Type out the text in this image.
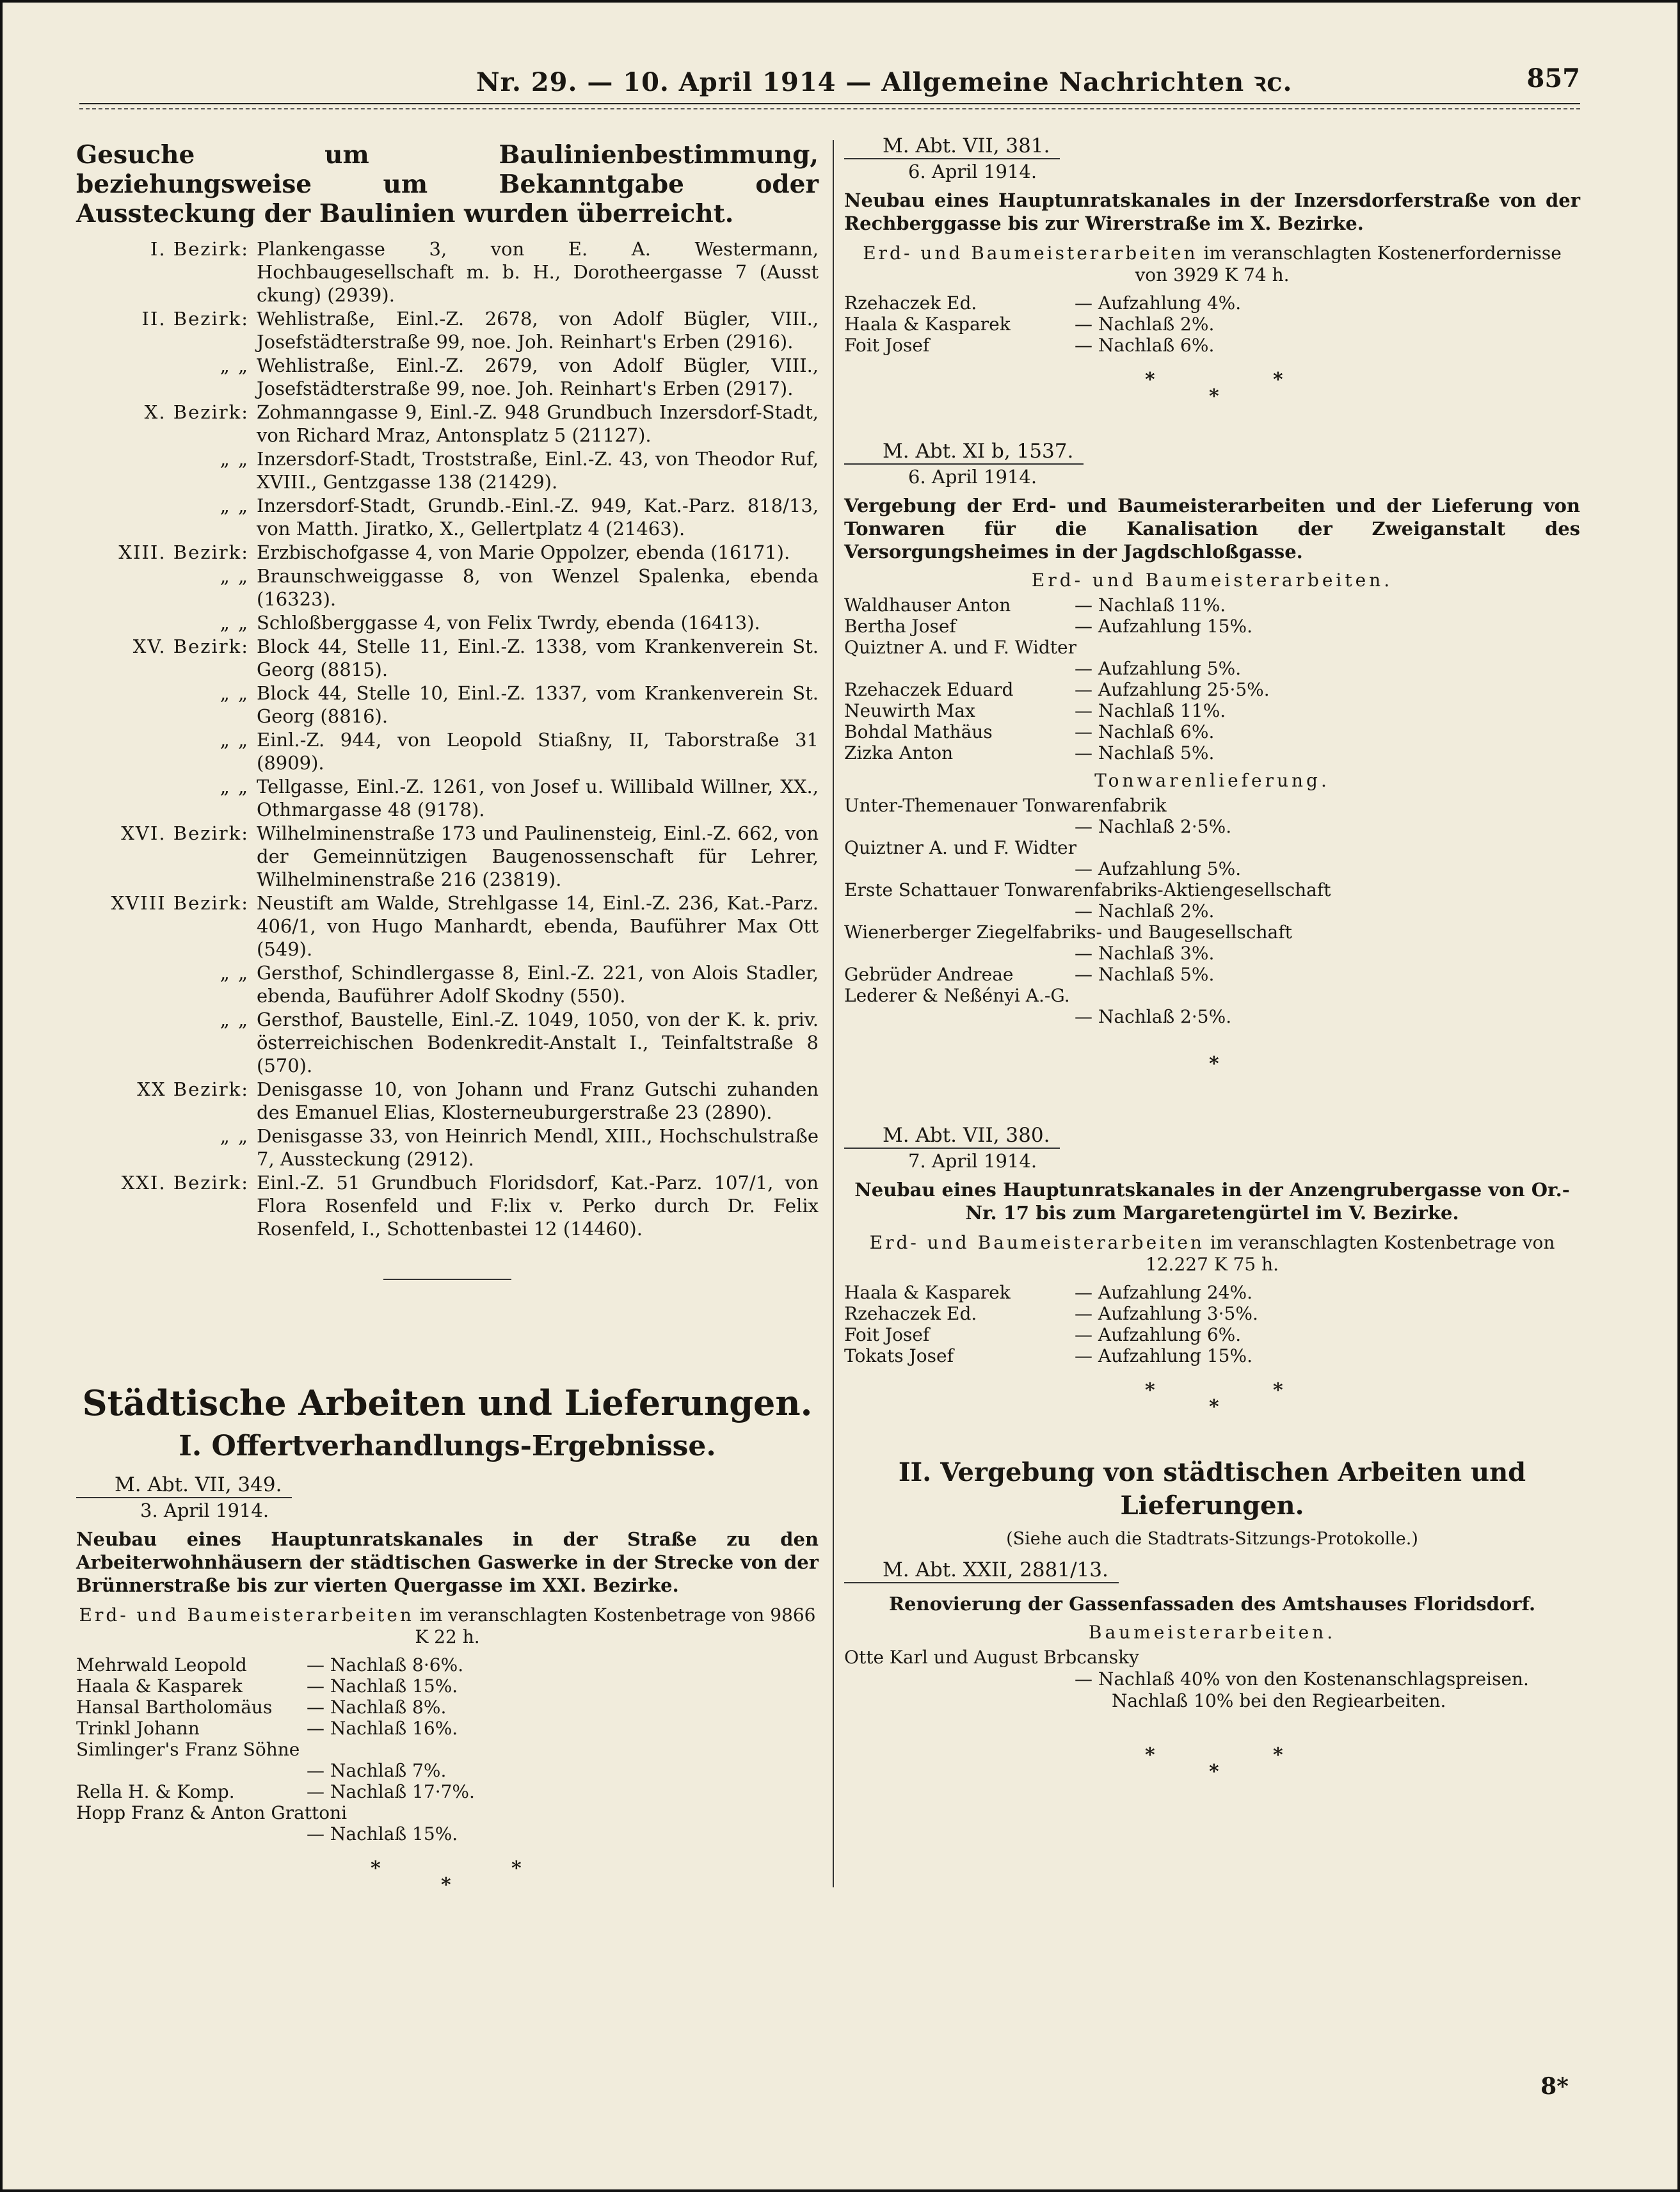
Nr. 29. — 10. April 1914 — Allgemeine Nachrichten ꝛc.	857
Gesuche um Baulinienbestimmung, beziehungsweise um Bekanntgabe oder Aussteckung der Baulinien wurden überreicht.
I. Bezirk: Plankengasse 3, von E. A. Westermann, Hochbaugesellschaft m. b. H., Dorotheergasse 7 (Ausst ckung) (2939).
II. Bezirk: Wehlistraße, Einl.-Z. 2678, von Adolf Bügler, VIII., Josefstädterstraße 99, noe. Joh. Reinhart's Erben (2916).
„ „ Wehlistraße, Einl.-Z. 2679, von Adolf Bügler, VIII., Josefstädterstraße 99, noe. Joh. Reinhart's Erben (2917).
X. Bezirk: Zohmanngasse 9, Einl.-Z. 948 Grundbuch Inzersdorf-Stadt, von Richard Mraz, Antonsplatz 5 (21127).
„ „ Inzersdorf-Stadt, Troststraße, Einl.-Z. 43, von Theodor Ruf, XVIII., Gentzgasse 138 (21429).
„ „ Inzersdorf-Stadt, Grundb.-Einl.-Z. 949, Kat.-Parz. 818/13, von Matth. Jiratko, X., Gellertplatz 4 (21463).
XIII. Bezirk: Erzbischofgasse 4, von Marie Oppolzer, ebenda (16171).
„ „ Braunschweiggasse 8, von Wenzel Spalenka, ebenda (16323).
„ „ Schloßberggasse 4, von Felix Twrdy, ebenda (16413).
XV. Bezirk: Block 44, Stelle 11, Einl.-Z. 1338, vom Krankenverein St. Georg (8815).
„ „ Block 44, Stelle 10, Einl.-Z. 1337, vom Krankenverein St. Georg (8816).
„ „ Einl.-Z. 944, von Leopold Stiaßny, II, Taborstraße 31 (8909).
„ „ Tellgasse, Einl.-Z. 1261, von Josef u. Willibald Willner, XX., Othmargasse 48 (9178).
XVI. Bezirk: Wilhelminenstraße 173 und Paulinensteig, Einl.-Z. 662, von der Gemeinnützigen Baugenossenschaft für Lehrer, Wilhelminenstraße 216 (23819).
XVIII Bezirk: Neustift am Walde, Strehlgasse 14, Einl.-Z. 236, Kat.-Parz. 406/1, von Hugo Manhardt, ebenda, Bauführer Max Ott (549).
„ „ Gersthof, Schindlergasse 8, Einl.-Z. 221, von Alois Stadler, ebenda, Bauführer Adolf Skodny (550).
„ „ Gersthof, Baustelle, Einl.-Z. 1049, 1050, von der K. k. priv. österreichischen Bodenkredit-Anstalt I., Teinfaltstraße 8 (570).
XX Bezirk: Denisgasse 10, von Johann und Franz Gutschi zuhanden des Emanuel Elias, Klosterneuburgerstraße 23 (2890).
„ „ Denisgasse 33, von Heinrich Mendl, XIII., Hochschulstraße 7, Aussteckung (2912).
XXI. Bezirk: Einl.-Z. 51 Grundbuch Floridsdorf, Kat.-Parz. 107/1, von Flora Rosenfeld und F:lix v. Perko durch Dr. Felix Rosenfeld, I., Schottenbastei 12 (14460).
Städtische Arbeiten und Lieferungen.
I. Offertverhandlungs-Ergebnisse.
M. Abt. VII, 349.
3. April 1914.
Neubau eines Hauptunratskanales in der Straße zu den Arbeiterwohnhäusern der städtischen Gaswerke in der Strecke von der Brünnerstraße bis zur vierten Quergasse im XXI. Bezirke.
Erd- und Baumeisterarbeiten im veranschlagten Kostenbetrage von 9866 K 22 h.
Mehrwald Leopold	— Nachlaß 8·6%.
Haala & Kasparek	— Nachlaß 15%.
Hansal Bartholomäus	— Nachlaß 8%.
Trinkl Johann	— Nachlaß 16%.
Simlinger's Franz Söhne	
	— Nachlaß 7%.
Rella H. & Komp.	— Nachlaß 17·7%.
Hopp Franz & Anton Grattoni	
	— Nachlaß 15%.
*
*
*
M. Abt. VII, 381.
6. April 1914.
Neubau eines Hauptunratskanales in der Inzersdorferstraße von der Rechberggasse bis zur Wirerstraße im X. Bezirke.
Erd- und Baumeisterarbeiten im veranschlagten Kostenerfordernisse von 3929 K 74 h.
Rzehaczek Ed.	— Aufzahlung 4%.
Haala & Kasparek	— Nachlaß 2%.
Foit Josef	— Nachlaß 6%.
*
*
*
M. Abt. XI b, 1537.
6. April 1914.
Vergebung der Erd- und Baumeisterarbeiten und der Lieferung von Tonwaren für die Kanalisation der Zweiganstalt des Versorgungsheimes in der Jagdschloßgasse.
Erd- und Baumeisterarbeiten.
Waldhauser Anton	— Nachlaß 11%.
Bertha Josef	— Aufzahlung 15%.
Quiztner A. und F. Widter	
	— Aufzahlung 5%.
Rzehaczek Eduard	— Aufzahlung 25·5%.
Neuwirth Max	— Nachlaß 11%.
Bohdal Mathäus	— Nachlaß 6%.
Zizka Anton	— Nachlaß 5%.
Tonwarenlieferung.
Unter-Themenauer Tonwarenfabrik	
	— Nachlaß 2·5%.
Quiztner A. und F. Widter	
	— Aufzahlung 5%.
Erste Schattauer Tonwarenfabriks-Aktiengesellschaft	
	— Nachlaß 2%.
Wienerberger Ziegelfabriks- und Baugesellschaft	
	— Nachlaß 3%.
Gebrüder Andreae	— Nachlaß 5%.
Lederer & Neßényi A.-G.	
	— Nachlaß 2·5%.
*
M. Abt. VII, 380.
7. April 1914.
Neubau eines Hauptunratskanales in der Anzengrubergasse von Or.-Nr. 17 bis zum Margaretengürtel im V. Bezirke.
Erd- und Baumeisterarbeiten im veranschlagten Kostenbetrage von 12.227 K 75 h.
Haala & Kasparek	— Aufzahlung 24%.
Rzehaczek Ed.	— Aufzahlung 3·5%.
Foit Josef	— Aufzahlung 6%.
Tokats Josef	— Aufzahlung 15%.
*
*
*
II. Vergebung von städtischen Arbeiten und Lieferungen.
(Siehe auch die Stadtrats-Sitzungs-Protokolle.)
M. Abt. XXII, 2881/13.
Renovierung der Gassenfassaden des Amtshauses Floridsdorf.
Baumeisterarbeiten.
Otte Karl und August Brbcansky
— Nachlaß 40% von den Kostenanschlagspreisen.
Nachlaß 10% bei den Regiearbeiten.
*
*
*
8*
